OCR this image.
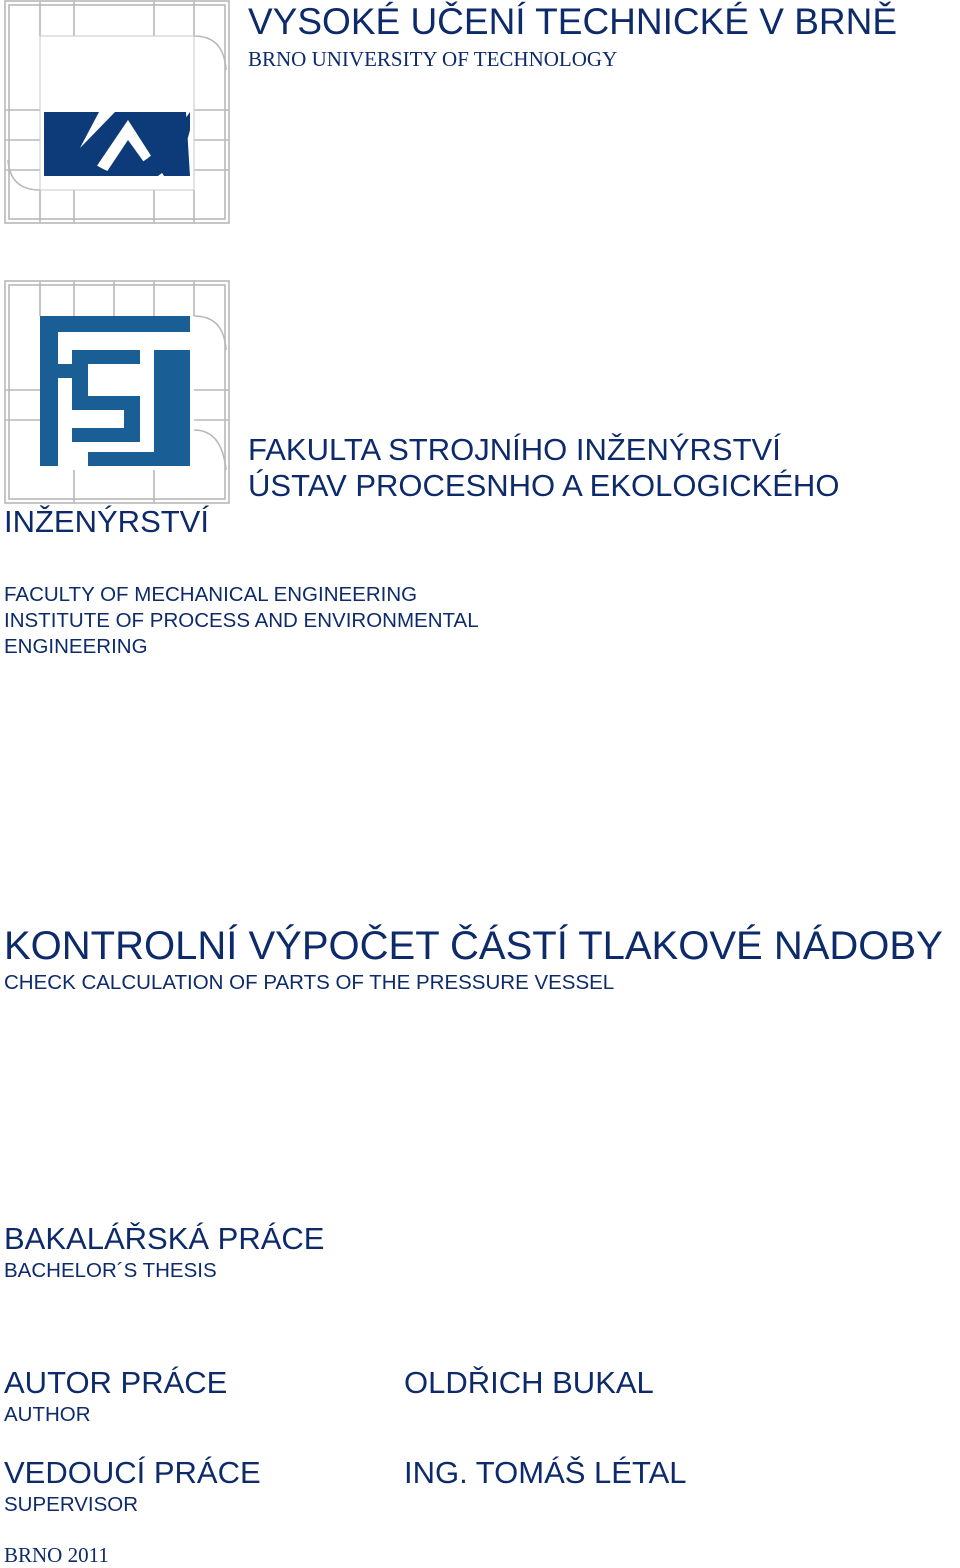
VYSOKÉ UČENÍ TECHNICKÉ V BRNĚ
BRNO UNIVERSITY OF TECHNOLOGY
FAKULTA STROJNÍHO INŽENÝRSTVÍ
ÚSTAV PROCESNHO A EKOLOGICKÉHO
INŽENÝRSTVÍ
FACULTY OF MECHANICAL ENGINEERING
INSTITUTE OF PROCESS AND ENVIRONMENTAL
ENGINEERING
KONTROLNÍ VÝPOČET ČÁSTÍ TLAKOVÉ NÁDOBY
CHECK CALCULATION OF PARTS OF THE PRESSURE VESSEL
BAKALÁŘSKÁ PRÁCE
BACHELOR´S THESIS
AUTOR PRÁCE
AUTHOR
OLDŘICH BUKAL
VEDOUCÍ PRÁCE
SUPERVISOR
ING. TOMÁŠ LÉTAL
BRNO 2011
